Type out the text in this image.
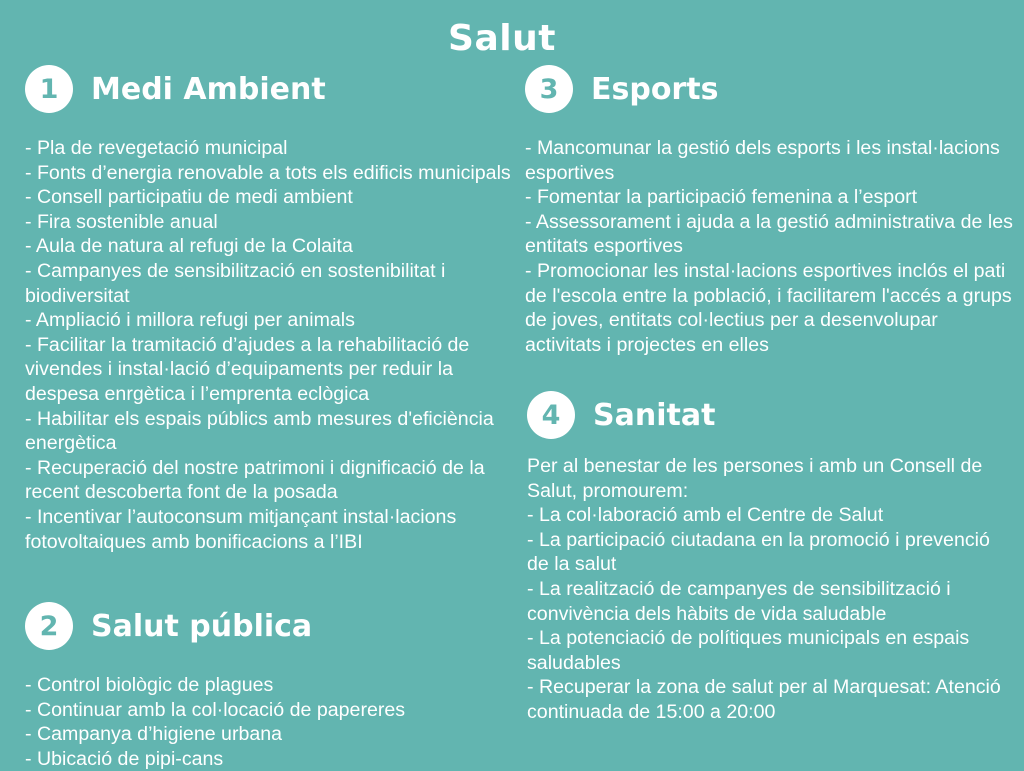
Salut
1	Medi Ambient
- Pla de revegetació municipal
- Fonts d’energia renovable a tots els edificis municipals
- Consell participatiu de medi ambient
- Fira sostenible anual
- Aula de natura al refugi de la Colaita
- Campanyes de sensibilització en sostenibilitat i biodiversitat
- Ampliació i millora refugi per animals
- Facilitar la tramitació d’ajudes a la rehabilitació de vivendes i instal·lació d’equipaments per reduir la despesa enrgètica i l’emprenta eclògica
- Habilitar els espais públics amb mesures d'eficiència energètica
- Recuperació del nostre patrimoni i dignificació de la recent descoberta font de la posada
- Incentivar l’autoconsum mitjançant instal·lacions fotovoltaiques amb bonificacions a l’IBI
2	Salut pública
- Control biològic de plagues
- Continuar amb la col·locació de papereres
- Campanya d’higiene urbana
- Ubicació de pipi-cans
3	Esports
- Mancomunar la gestió dels esports i les instal·lacions esportives
- Fomentar la participació femenina a l’esport
- Assessorament i ajuda a la gestió administrativa de les entitats esportives
- Promocionar les instal·lacions esportives inclós el pati de l'escola entre la població, i facilitarem l'accés a grups de joves, entitats col·lectius per a desenvolupar activitats i projectes en elles
4	Sanitat
Per al benestar de les persones i amb un Consell de Salut, promourem:
- La col·laboració amb el Centre de Salut
- La participació ciutadana en la promoció i prevenció de la salut
- La realització de campanyes de sensibilització i convivència dels hàbits de vida saludable
- La potenciació de polítiques municipals en espais saludables
- Recuperar la zona de salut per al Marquesat: Atenció continuada de 15:00 a 20:00
